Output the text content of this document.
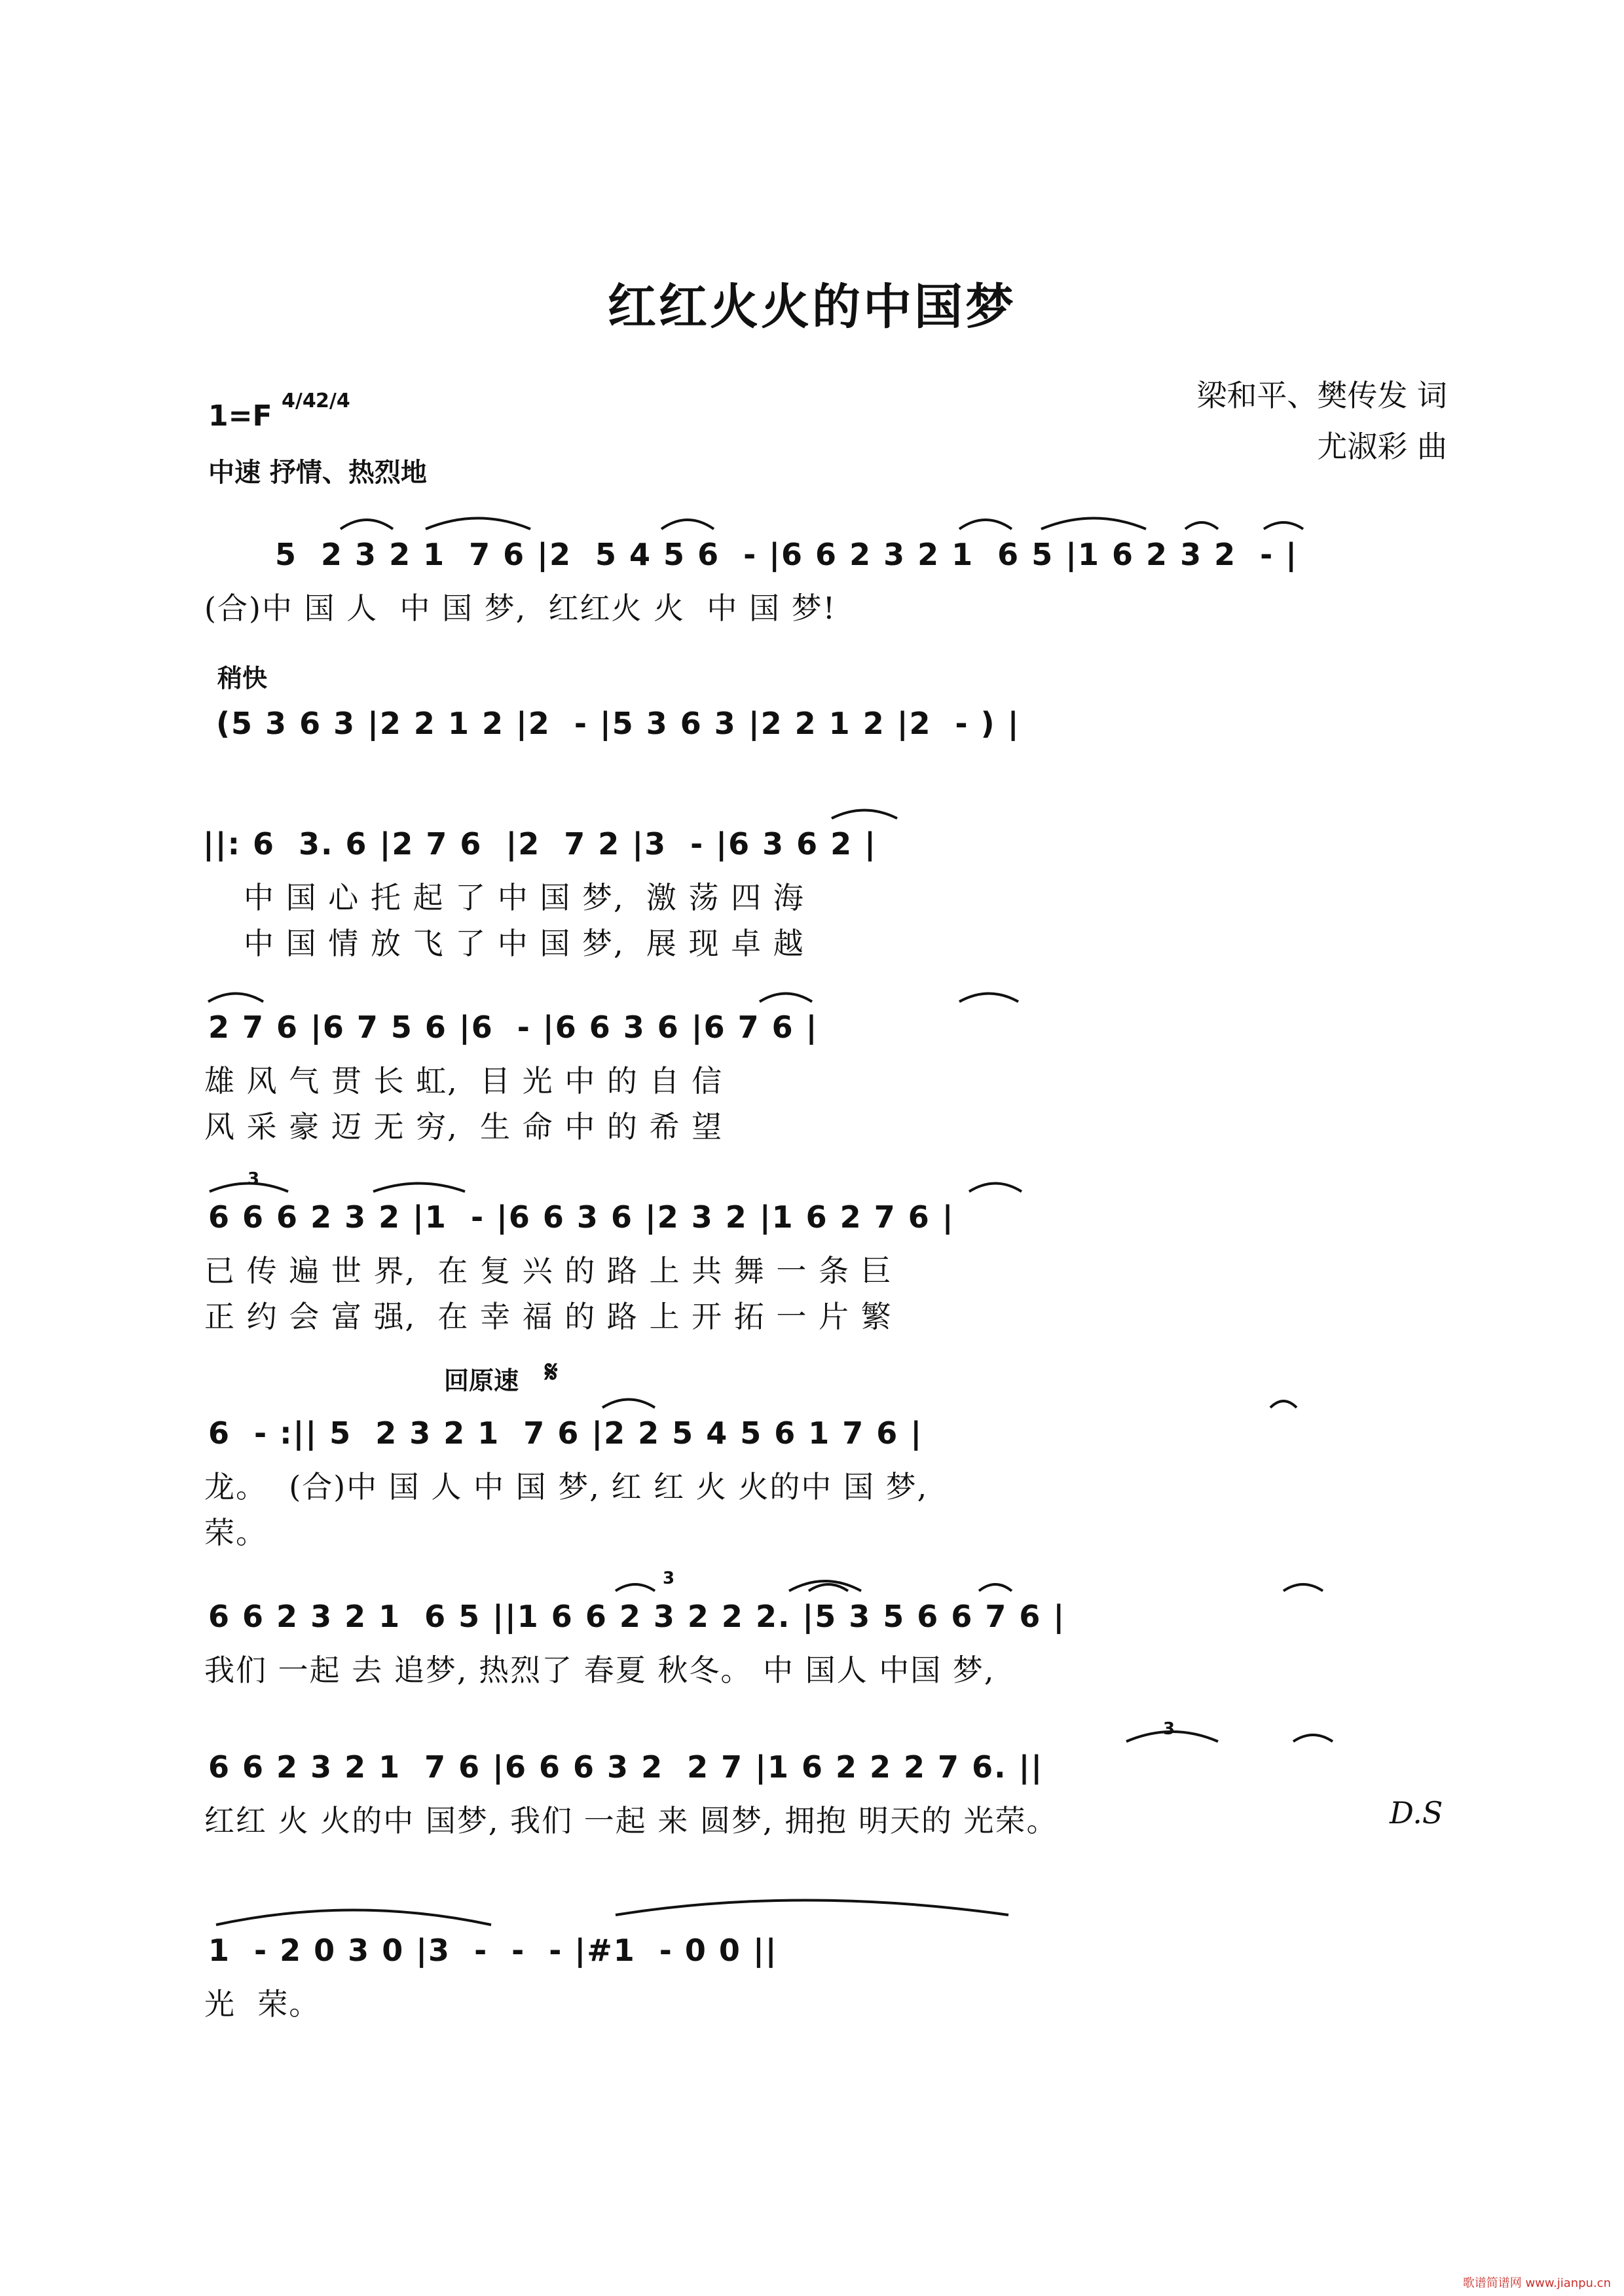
红红火火的中国梦
梁和平、樊传发 词
尤淑彩 曲
1=F 4/4 2/4
中速 抒情、热烈地
稍快
回原速 𝄋
D.S
5  2 3 2 1  7 6 |2  5 4 5 6  - |6 6 2 3 2 1  6 5 |1 6 2 3 2  - |
(合)中 国 人  中 国 梦,  红红火 火  中 国 梦!
(5 3 6 3 |2 2 1 2 |2  - |5 3 6 3 |2 2 1 2 |2  - ) |
||: 6  3. 6 |2 7 6  |2  7 2 |3  - |6 3 6 2 |
中 国 心 托 起 了 中 国 梦,  激 荡 四 海
中 国 情 放 飞 了 中 国 梦,  展 现 卓 越
2 7 6 |6 7 5 6 |6  - |6 6 3 6 |6 7 6 |
雄 风 气 贯 长 虹,  目 光 中 的 自 信
风 采 豪 迈 无 穷,  生 命 中 的 希 望
6 6 6 2 3 2 |1  - |6 6 3 6 |2 3 2 |1 6 2 7 6 |
已 传 遍 世 界,  在 复 兴 的 路 上 共 舞 一 条 巨
正 约 会 富 强,  在 幸 福 的 路 上 开 拓 一 片 繁
6  - :|| 5  2 3 2 1  7 6 |2 2 5 4 5 6 1 7 6 |
龙。  (合)中 国 人 中 国 梦, 红 红 火 火的中 国 梦,
荣。
6 6 2 3 2 1  6 5 ||1 6 6 2 3 2 2 2. |5 3 5 6 6 7 6 |
我们 一起 去 追梦, 热烈了 春夏 秋冬。 中 国人 中国 梦,
6 6 2 3 2 1  7 6 |6 6 6 3 2  2 7 |1 6 2 2 2 7 6. ||
红红 火 火的中 国梦, 我们 一起 来 圆梦, 拥抱 明天的 光荣。
1  - 2 0 3 0 |3  -  -  - |#1  - 0 0 ||
光  荣。
3
3
3
歌谱简谱网 www.jianpu.cn
